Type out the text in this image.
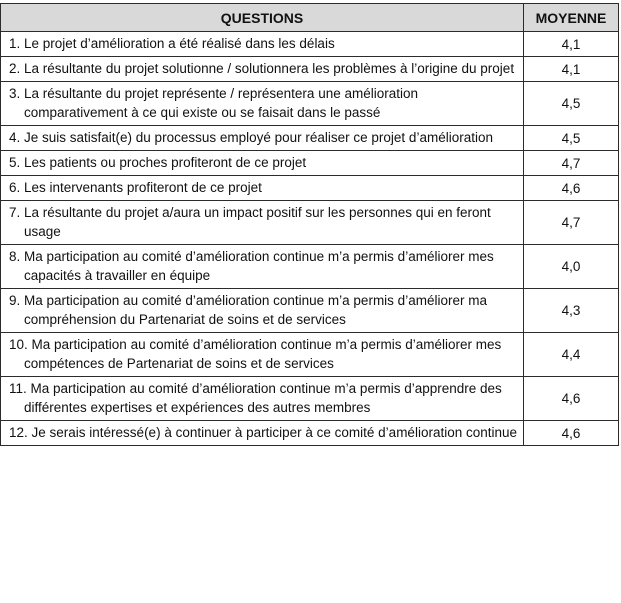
QUESTIONS	MOYENNE

1. Le projet d’amélioration a été réalisé dans les délais	4,1

2. La résultante du projet solutionne / solutionnera les problèmes à l’origine du projet	4,1

3. La résultante du projet représente / représentera une amélioration comparativement à ce qui existe ou se faisait dans le passé	4,5

4. Je suis satisfait(e) du processus employé pour réaliser ce projet d’amélioration	4,5

5. Les patients ou proches profiteront de ce projet	4,7

6. Les intervenants profiteront de ce projet	4,6

7. La résultante du projet a/aura un impact positif sur les personnes qui en feront usage	4,7

8. Ma participation au comité d’amélioration continue m’a permis d’améliorer mes capacités à travailler en équipe	4,0

9. Ma participation au comité d’amélioration continue m’a permis d’améliorer ma compréhension du Partenariat de soins et de services	4,3

10. Ma participation au comité d’amélioration continue m’a permis d’améliorer mes compétences de Partenariat de soins et de services	4,4

11. Ma participation au comité d’amélioration continue m’a permis d’apprendre des différentes expertises et expériences des autres membres	4,6

12. Je serais intéressé(e) à continuer à participer à ce comité d’amélioration continue	4,6
